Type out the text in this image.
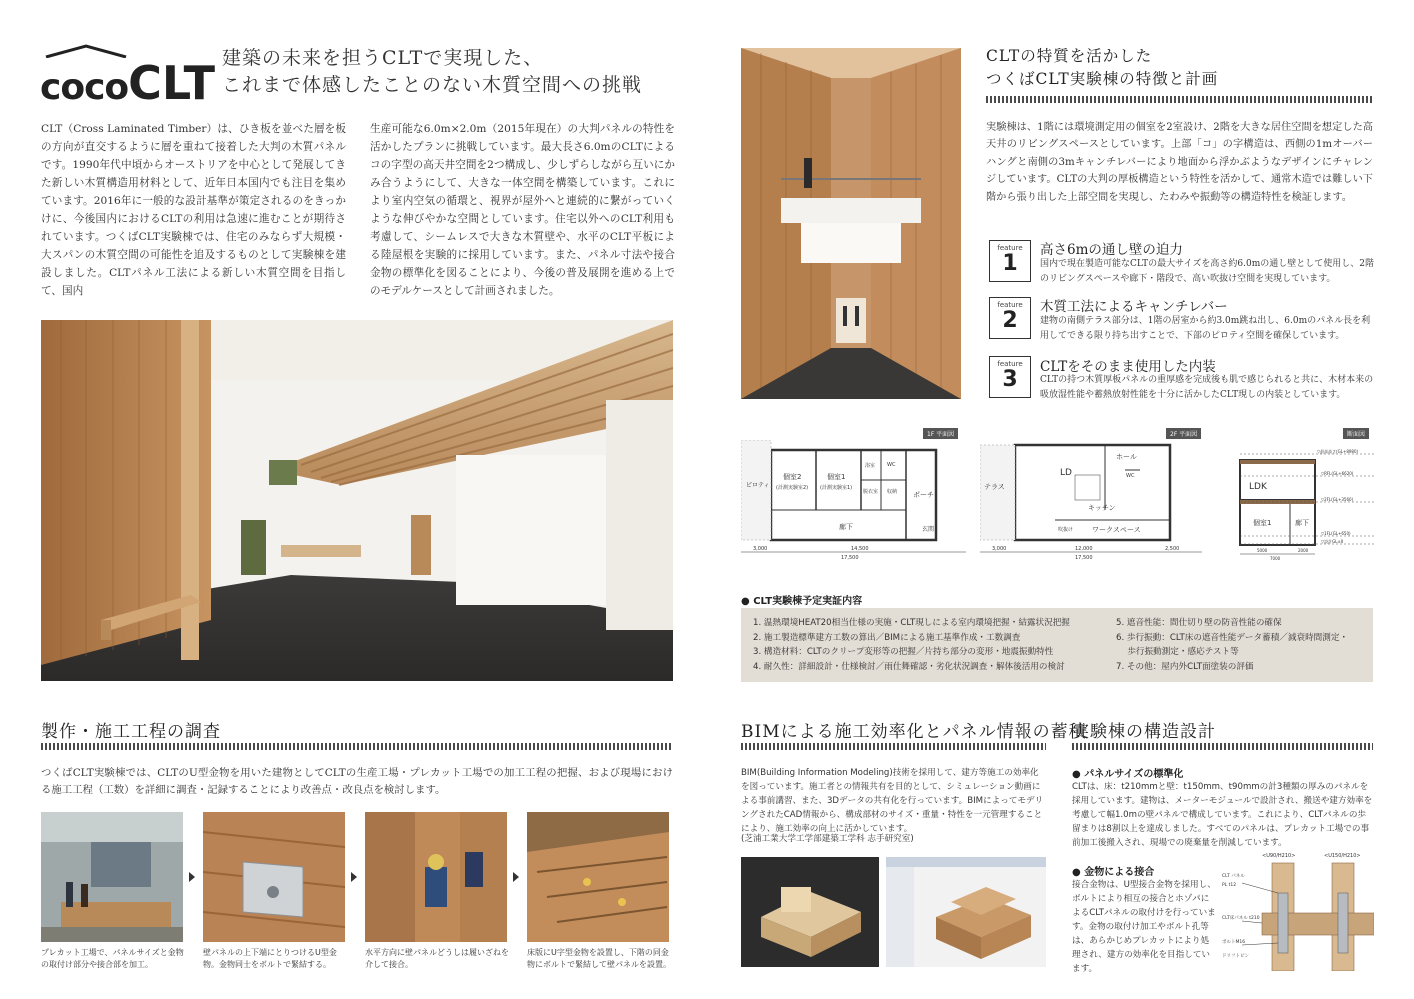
cocoCLT 建築の未来を担うCLTで実現した、
これまで体感したことのない木質空間への挑戦
CLT（Cross Laminated Timber）は、ひき板を並べた層を板の方向が直交するように層を重ねて接着した大判の木質パネルです。1990年代中頃からオーストリアを中心として発展してきた新しい木質構造用材料として、近年日本国内でも注目を集めています。2016年に一般的な設計基準が策定されるのをきっかけに、今後国内におけるCLTの利用は急速に進むことが期待されています。つくばCLT実験棟では、住宅のみならず大規模・大スパンの木質空間の可能性を追及するものとして実験棟を建設しました。CLTパネル工法による新しい木質空間を目指して、国内
生産可能な6.0m×2.0m（2015年現在）の大判パネルの特性を活かしたプランに挑戦しています。最大長さ6.0mのCLTによるコの字型の高天井空間を2つ構成し、少しずらしながら互いにかみ合うようにして、大きな一体空間を構築しています。これにより室内空気の循環と、視界が屋外へと連続的に繋がっていくような伸びやかな空間としています。住宅以外へのCLT利用も考慮して、シームレスで大きな木質壁や、水平のCLT平板による陸屋根を実験的に採用しています。また、パネル寸法や接合金物の標準化を図ることにより、今後の普及展開を進める上でのモデルケースとして計画されました。
製作・施工工程の調査
つくばCLT実験棟では、CLTのU型金物を用いた建物としてCLTの生産工場・プレカット工場での加工工程の把握、および現場における施工工程（工数）を詳細に調査・記録することにより改善点・改良点を検討します。
プレカット工場で、パネルサイズと金物の取付け部分や接合部を加工。
壁パネルの上下端にとりつけるU型金物。金物同士をボルトで緊結する。
水平方向に壁パネルどうしは履いざねを介して接合。
床版にU字型金物を設置し、下階の同金物にボルトで緊結して壁パネルを設置。
CLTの特質を活かした
つくばCLT実験棟の特徴と計画
実験棟は、1階には環境測定用の個室を2室設け、2階を大きな居住空間を想定した高天井のリビングスペースとしています。上部「コ」の字構造は、西側の1mオーバーハングと南側の3mキャンチレバーにより地面から浮かぶようなデザインにチャレンジしています。CLTの大判の厚板構造という特性を活かして、通常木造では難しい下階から張り出した上部空間を実現し、たわみや振動等の構造特性を検証します。
feature
1
高さ6mの通し壁の迫力
国内で現在製造可能なCLTの最大サイズを高さ約6.0mの通し壁として使用し、2階のリビングスペースや廊下・階段で、高い吹抜け空間を実現しています。
feature
2
木質工法によるキャンチレバー
建物の南側テラス部分は、1階の居室から約3.0m跳ね出し、6.0mのパネル長を利用してできる限り持ち出すことで、下部のピロティ空間を確保しています。
feature
3	CLTをそのまま使用した内装
CLTの持つ木質厚板パネルの重厚感を完成後も肌で感じられると共に、木材本来の吸放湿性能や蓄熱放射性能を十分に活かしたCLT現しの内装としています。
1F 平面図	2F 平面図	断面図
ピロティ
個室2
(計測実験室2)
個室1
(計測実験室1)
浴室
脱衣室
WC
収納
廊下
ポーチ
玄関
3,000	14,500
17,500
テラス
LD
ホール
WC
キッチン
ワークスペース
吹抜け
3,000	12,000	2,500
17,500
LDK
個室1	廊下
▽最高高さ(GL+8980)
▽RFL(GL+6620)
▽2FL(GL+3560)
▽1FL(GL+650)
▽設計GL±0
5000	2000
7000
● CLT実験棟予定実証内容
1. 温熱環境HEAT20相当仕様の実施・CLT現しによる室内環境把握・結露状況把握
2. 施工製造標準建方工数の算出／BIMによる施工基準作成・工数調査
3. 構造材料：CLTのクリープ変形等の把握／片持ち部分の変形・地震振動特性
4. 耐久性：詳細設計・仕様検討／雨仕舞確認・劣化状況調査・解体後活用の検討
5. 遮音性能：間仕切り壁の防音性能の確保
6. 歩行振動：CLT床の遮音性能データ蓄積／減衰時間測定・
　 歩行振動測定・感応テスト等
7. その他：屋内外CLT面塗装の評価
BIMによる施工効率化とパネル情報の蓄積
BIM(Building Information Modeling)技術を採用して、建方等施工の効率化を図っています。施工者との情報共有を目的として、シミュレーション動画による事前講習、また、3Dデータの共有化を行っています。BIMによってモデリングされたCAD情報から、構成部材のサイズ・重量・特性を一元管理することにより、施工効率の向上に活かしています。
(芝浦工業大学工学部建築工学科 志手研究室)
実験棟の構造設計
● パネルサイズの標準化
CLTは、床：t210mmと壁：t150mm、t90mmの計3種類の厚みのパネルを採用しています。建物は、メーターモジュールで設計され、搬送や建方効率を考慮して幅1.0mの壁パネルで構成しています。これにより、CLTパネルの歩留まりは8割以上を達成しました。すべてのパネルは、プレカット工場での事前加工後搬入され、現場での廃棄量を削減しています。
● 金物による接合
接合金物は、U型接合金物を採用し、ボルトにより相互の接合とホゾパによるCLTパネルの取付けを行っています。金物の取付け加工やボルト孔等は、あらかじめプレカットにより処理され、建方の効率化を目指しています。
<U90/H210>	<U150/H210>
CLT パネル
PL t12
CLT床パネル t210
ボルトM16
ドリフトピン
